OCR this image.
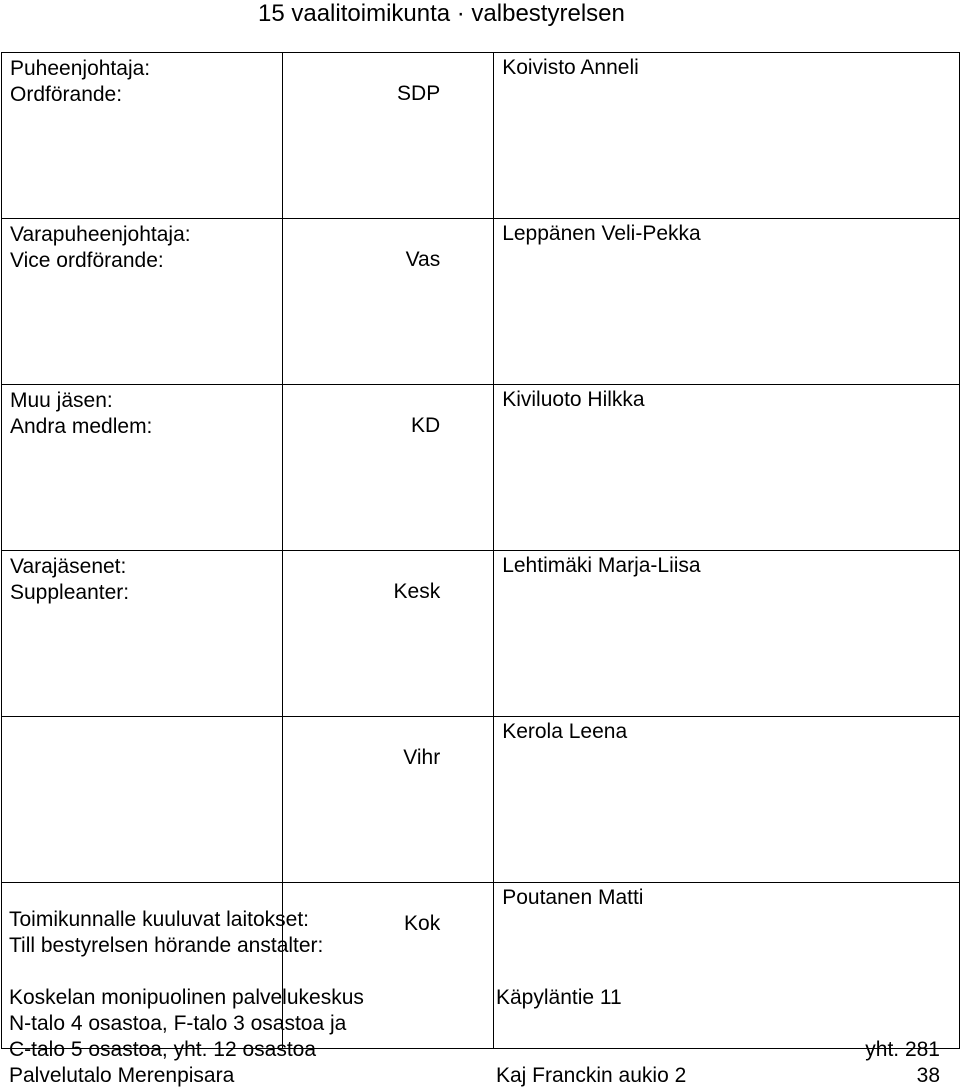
15 vaalitoimikunta · valbestyrelsen
Puheenjohtaja:
Ordförande:	SDP	Koivisto Anneli

Varapuheenjohtaja:
Vice ordförande:	Vas	Leppänen Veli-Pekka

Muu jäsen:
Andra medlem:	KD	Kiviluoto Hilkka

Varajäsenet:
Suppleanter:	Kesk	Lehtimäki Marja-Liisa

	Vihr	Kerola Leena

	Kok	Poutanen Matti
Toimikunnalle kuuluvat laitokset:
Till bestyrelsen hörande anstalter:
Koskelan monipuolinen palvelukeskus	Käpyläntie 11
N-talo 4 osastoa, F-talo 3 osastoa ja
C-talo 5 osastoa, yht. 12 osastoa	yht. 281
Palvelutalo Merenpisara	Kaj Franckin aukio 2	38
